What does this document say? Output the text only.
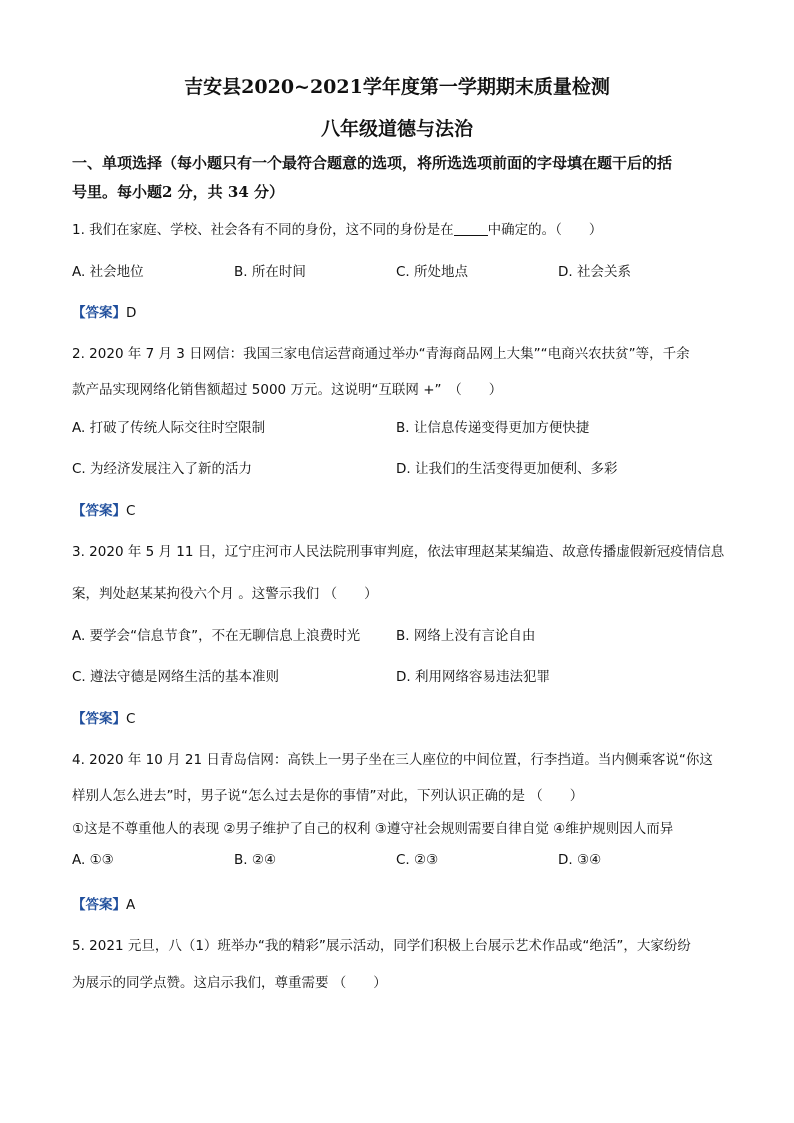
吉安县2020~2021学年度第一学期期末质量检测
八年级道德与法治
一、单项选择（每小题只有一个最符合题意的选项，将所选选项前面的字母填在题干后的括
号里。每小题2 分，共 34 分）
1. 我们在家庭、学校、社会各有不同的身份，这不同的身份是在	中确定的。（　　）
A. 社会地位	B. 所在时间	C. 所处地点	D. 社会关系
【答案】D
2. 2020 年 7 月 3 日网信：我国三家电信运营商通过举办“青海商品网上大集”“电商兴农扶贫”等，千余
款产品实现网络化销售额超过 5000 万元。这说明“互联网 +”　（　　）
A. 打破了传统人际交往时空限制	B. 让信息传递变得更加方便快捷
C. 为经济发展注入了新的活力	D. 让我们的生活变得更加便利、多彩
【答案】C
3. 2020 年 5 月 11 日，辽宁庄河市人民法院刑事审判庭，依法审理赵某某编造、故意传播虚假新冠疫情信息
案，判处赵某某拘役六个月 。这警示我们 （　　）
A. 要学会“信息节食”，不在无聊信息上浪费时光	B. 网络上没有言论自由
C. 遵法守德是网络生活的基本准则	D. 利用网络容易违法犯罪
【答案】C
4. 2020 年 10 月 21 日青岛信网：高铁上一男子坐在三人座位的中间位置，行李挡道。当内侧乘客说“你这
样别人怎么进去”时，男子说“怎么过去是你的事情”对此，下列认识正确的是 （　　）
①这是不尊重他人的表现 ②男子维护了自己的权利 ③遵守社会规则需要自律自觉 ④维护规则因人而异
A. ①③	B. ②④	C. ②③	D. ③④
【答案】A
5. 2021 元旦，八（1）班举办“我的精彩”展示活动，同学们积极上台展示艺术作品或“绝活”，大家纷纷
为展示的同学点赞。这启示我们，尊重需要 （　　）
